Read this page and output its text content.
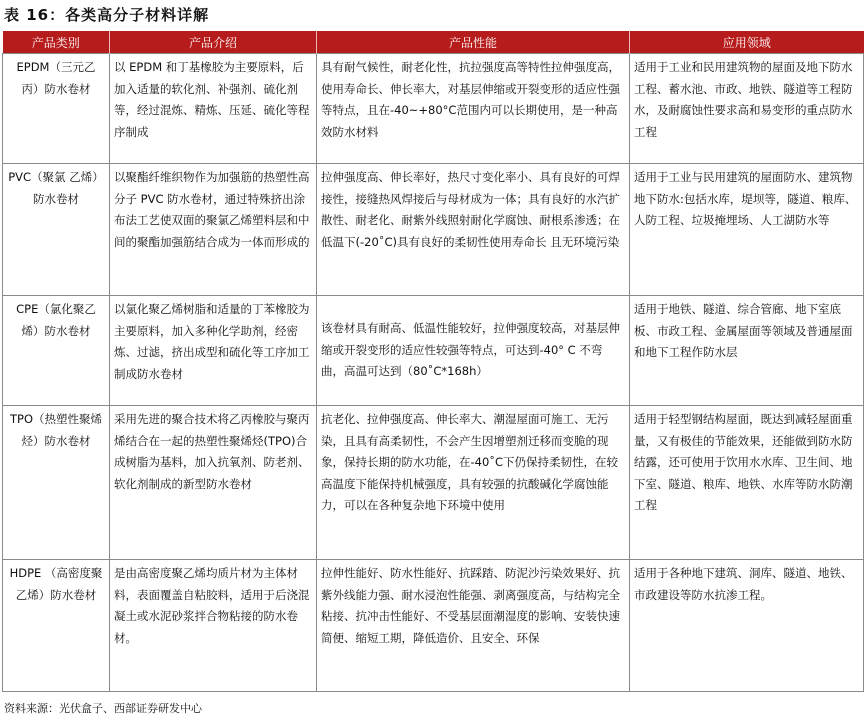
表 16：各类高分子材料详解
产品类别	产品介绍	产品性能	应用领域
EPDM（三元乙丙）防水卷材	以 EPDM 和丁基橡胶为主要原料，后加入适量的软化剂、补强剂、硫化剂等，经过混炼、精炼、压延、硫化等程序制成	具有耐气候性，耐老化性，抗拉强度高等特性拉伸强度高，使用寿命长、伸长率大，对基层伸缩或开裂变形的适应性强等特点，且在-40~+80°C范围内可以长期使用，是一种高效防水材料	适用于工业和民用建筑物的屋面及地下防水工程、蓄水池、市政、地铁、隧道等工程防水，及耐腐蚀性要求高和易变形的重点防水工程
PVC（聚氯 乙烯）防水卷材	以聚酯纤维织物作为加强筋的热塑性高分子 PVC 防水卷材，通过特殊挤出涂布法工艺使双面的聚氯乙烯塑料层和中间的聚酯加强筋结合成为一体而形成的	拉伸强度高、伸长率好，热尺寸变化率小、具有良好的可焊接性，接缝热风焊接后与母材成为一体；具有良好的水汽扩散性、耐老化、耐紫外线照射耐化学腐蚀、耐根系渗透；在低温下(-20˚C)具有良好的柔韧性使用寿命长 且无环境污染	适用于工业与民用建筑的屋面防水、建筑物地下防水:包括水库，堤坝等，隧道、粮库、人防工程、垃圾掩埋场、人工湖防水等
CPE（氯化聚乙烯）防水卷材	以氯化聚乙烯树脂和适量的丁苯橡胶为主要原料，加入多种化学助剂，经密炼、过滤，挤出成型和硫化等工序加工制成防水卷材	该卷材具有耐高、低温性能较好，拉伸强度较高，对基层伸缩或开裂变形的适应性较强等特点，可达到-40° C 不弯曲，高温可达到（80˚C*168h）	适用于地铁、隧道、综合管廊、地下室底板、市政工程、金属屋面等领域及普通屋面和地下工程作防水层
TPO（热塑性聚烯烃）防水卷材	采用先进的聚合技术将乙丙橡胶与聚丙烯结合在一起的热塑性聚烯烃(TPO)合成树脂为基料，加入抗氧剂、防老剂、软化剂制成的新型防水卷材	抗老化、拉伸强度高、伸长率大、潮湿屋面可施工、无污染，且具有高柔韧性，不会产生因增塑剂迁移而变脆的现象，保持长期的防水功能，在-40˚C下仍保持柔韧性，在较高温度下能保持机械强度，具有较强的抗酸碱化学腐蚀能力，可以在各种复杂地下环境中使用	适用于轻型钢结构屋面，既达到减轻屋面重量，又有极佳的节能效果，还能做到防水防结露，还可使用于饮用水水库、卫生间、地下室、隧道、粮库、地铁、水库等防水防潮工程
HDPE （高密度聚乙烯）防水卷材	是由高密度聚乙烯均质片材为主体材料，表面覆盖自粘胶料，适用于后浇混凝土或水泥砂浆拌合物粘接的防水卷材。	拉伸性能好、防水性能好、抗踩踏、防泥沙污染效果好、抗紫外线能力强、耐水浸泡性能强、剥离强度高，与结构完全粘接、抗冲击性能好、不受基层面潮湿度的影响、安装快速简便、缩短工期，降低造价、且安全、环保	适用于各种地下建筑、洞库、隧道、地铁、市政建设等防水抗渗工程。
资料来源：光伏盒子、西部证券研发中心
